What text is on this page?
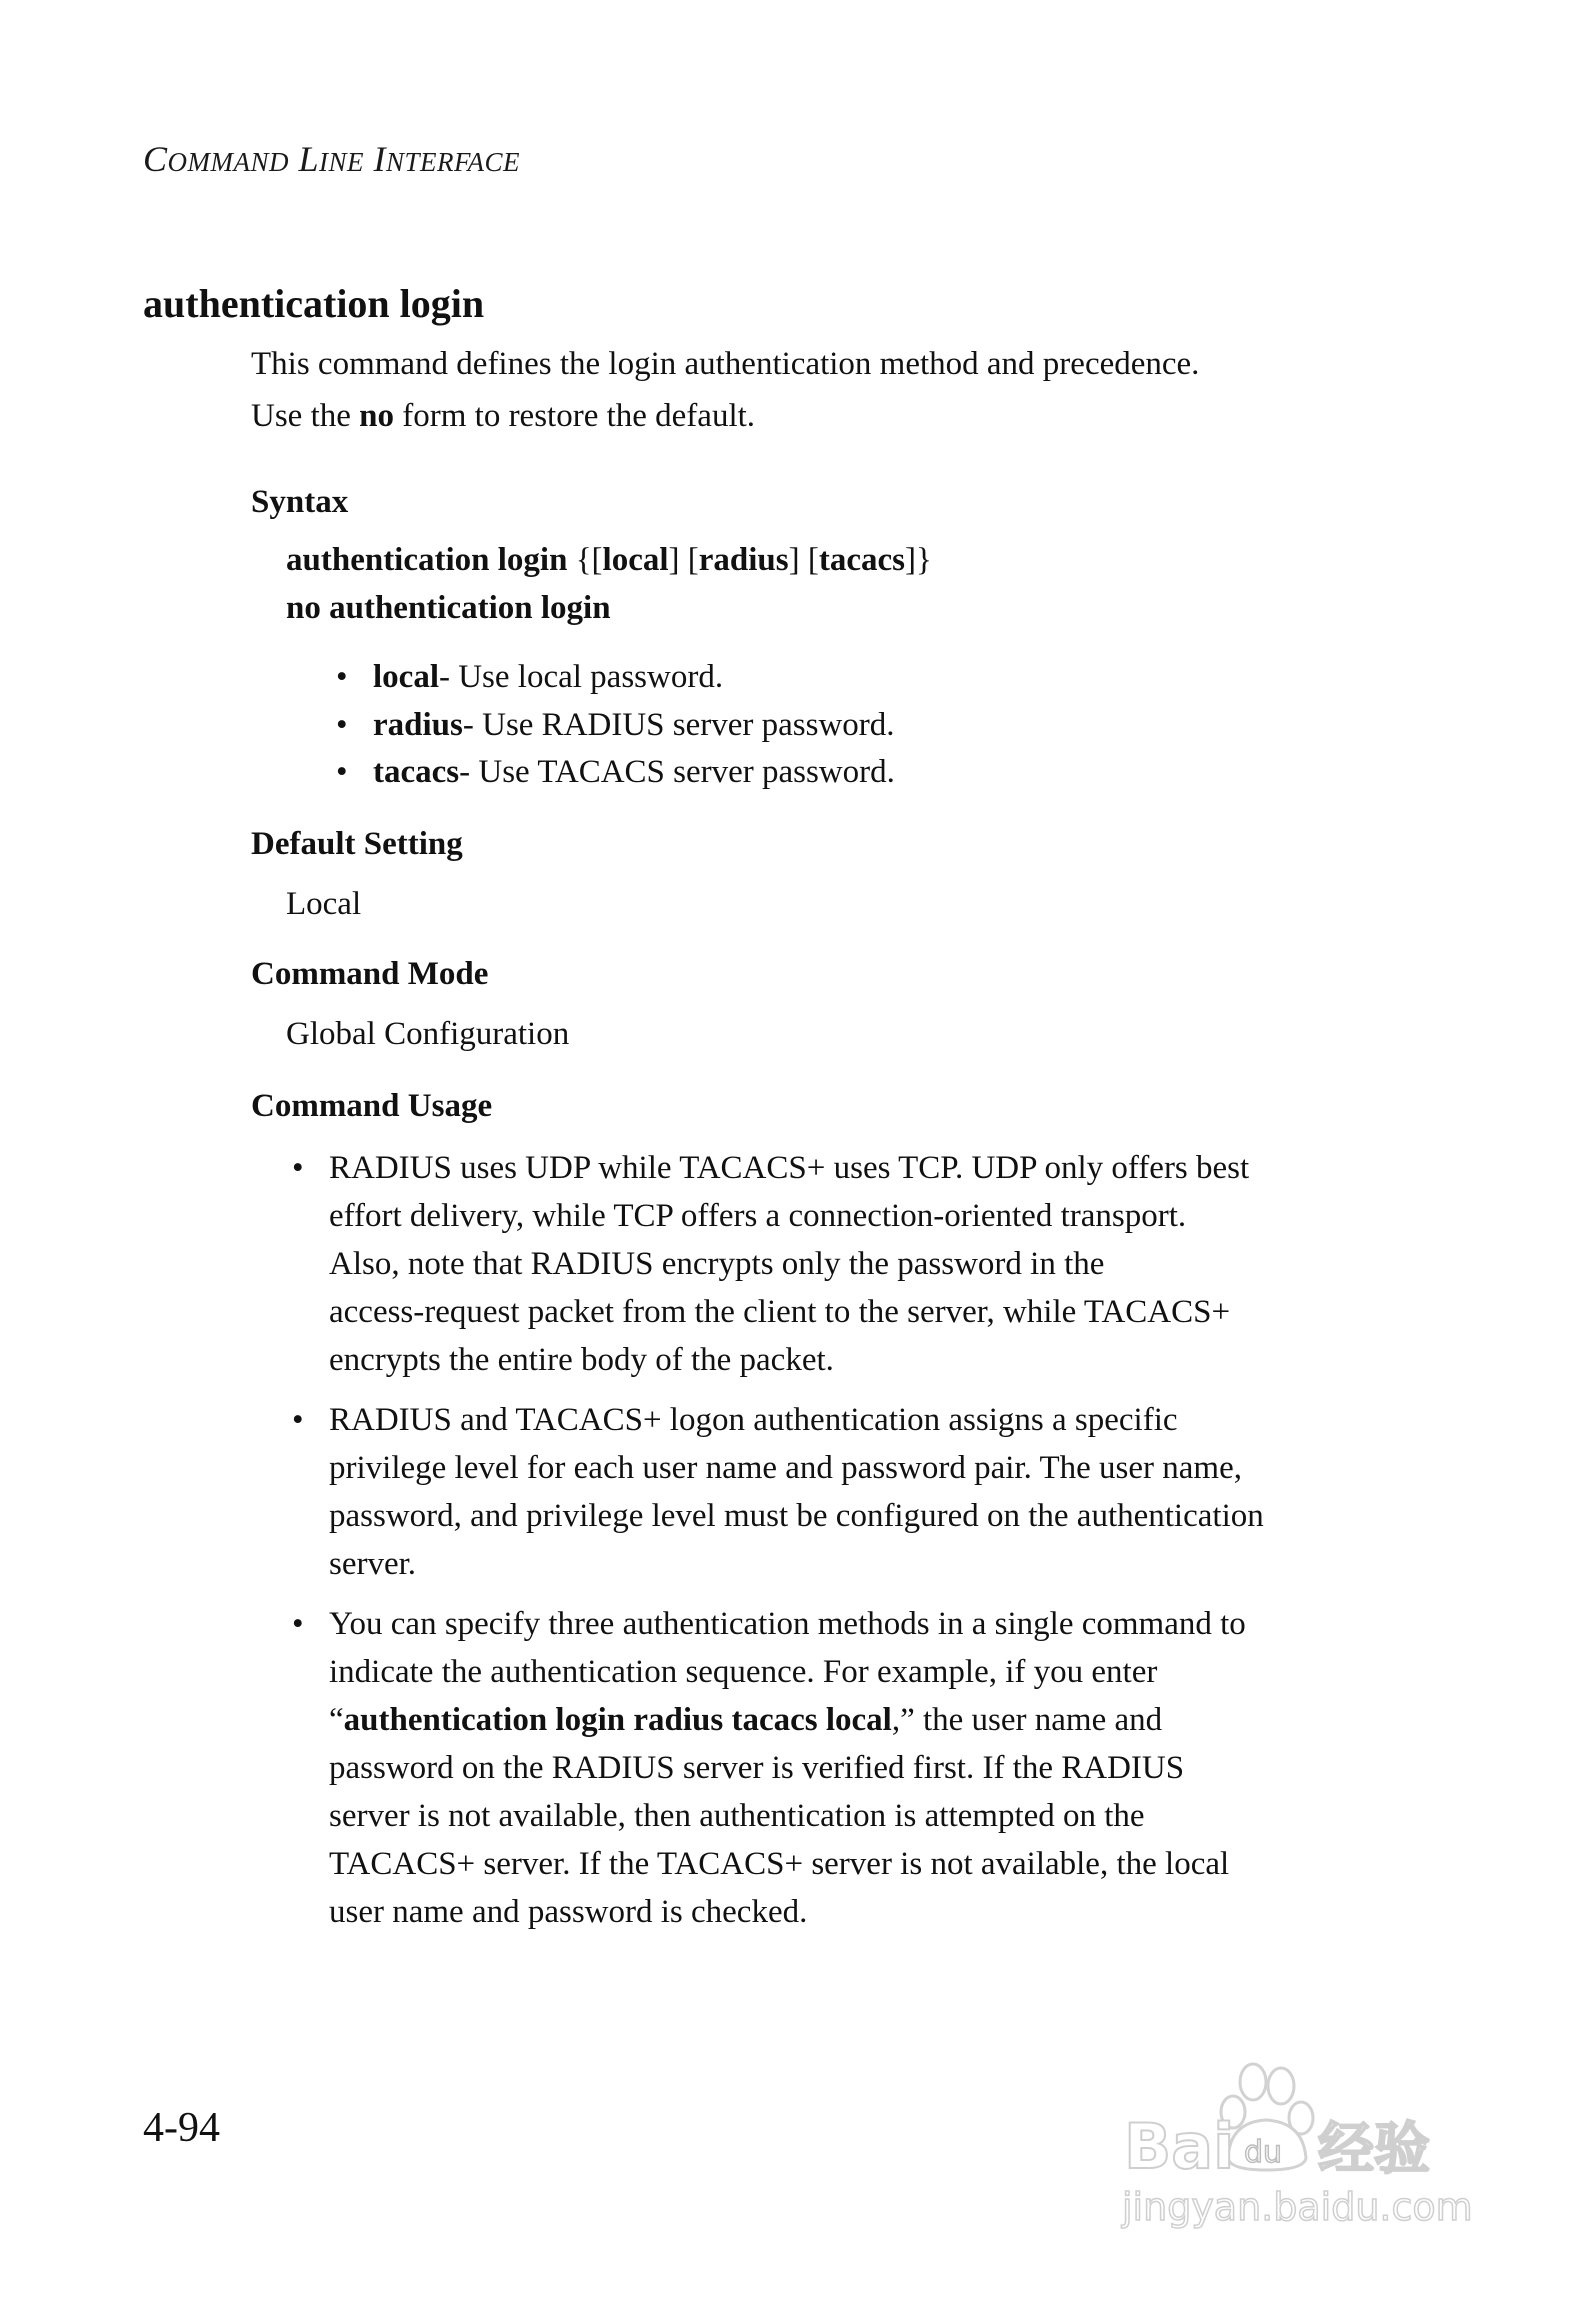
COMMAND LINE INTERFACE
authentication login
This command defines the login authentication method and precedence.
Use the no form to restore the default.
Syntax
authentication login {[local] [radius] [tacacs]}
no authentication login
• local - Use local password.
• radius - Use RADIUS server password.
• tacacs - Use TACACS server password.
Default Setting
Local
Command Mode
Global Configuration
Command Usage
• RADIUS uses UDP while TACACS+ uses TCP. UDP only offers best
effort delivery, while TCP offers a connection-oriented transport.
Also, note that RADIUS encrypts only the password in the
access-request packet from the client to the server, while TACACS+
encrypts the entire body of the packet.
• RADIUS and TACACS+ logon authentication assigns a specific
privilege level for each user name and password pair. The user name,
password, and privilege level must be configured on the authentication
server.
• You can specify three authentication methods in a single command to
indicate the authentication sequence. For example, if you enter
“authentication login radius tacacs local,” the user name and
password on the RADIUS server is verified first. If the RADIUS
server is not available, then authentication is attempted on the
TACACS+ server. If the TACACS+ server is not available, the local
user name and password is checked.
4-94	Bai du 经验
jingyan.baidu.com
